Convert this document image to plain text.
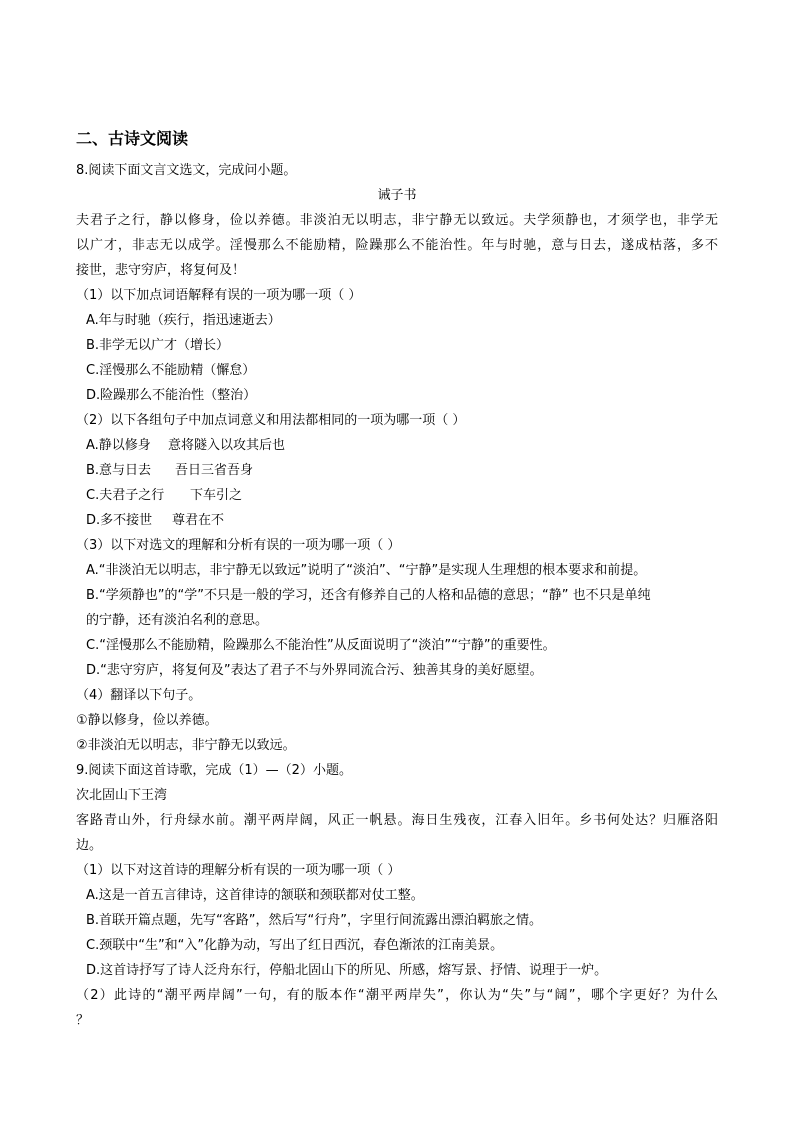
二、古诗文阅读
8.阅读下面文言文选文，完成问小题。
诫子书
夫君子之行，静以修身，俭以养德。非淡泊无以明志，非宁静无以致远。夫学须静也，才须学也，非学无
以广才，非志无以成学。淫慢那么不能励精，险躁那么不能治性。年与时驰，意与日去，遂成枯落，多不
接世，悲守穷庐，将复何及！
（1）以下加点词语解释有误的一项为哪一项（ ）
A.年与时驰（疾行，指迅速逝去）
B.非学无以广才（增长）
C.淫慢那么不能励精（懈怠）
D.险躁那么不能治性（整治）
（2）以下各组句子中加点词意义和用法都相同的一项为哪一项（ ）
A.静以修身 意将隧入以攻其后也
B.意与日去 吾日三省吾身
C.夫君子之行 下车引之
D.多不接世 尊君在不
（3）以下对选文的理解和分析有误的一项为哪一项（ ）
A.“非淡泊无以明志，非宁静无以致远”说明了“淡泊”、“宁静”是实现人生理想的根本要求和前提。
B.“学须静也”的“学”不只是一般的学习，还含有修养自己的人格和品德的意思；“静” 也不只是单纯
的宁静，还有淡泊名利的意思。
C.“淫慢那么不能励精，险躁那么不能治性”从反面说明了“淡泊”“宁静”的重要性。
D.“悲守穷庐，将复何及”表达了君子不与外界同流合污、独善其身的美好愿望。
（4）翻译以下句子。
①静以修身，俭以养德。
②非淡泊无以明志，非宁静无以致远。
9.阅读下面这首诗歌，完成（1）—（2）小题。
次北固山下王湾
客路青山外，行舟绿水前。潮平两岸阔，风正一帆悬。海日生残夜，江春入旧年。乡书何处达？归雁洛阳
边。
（1）以下对这首诗的理解分析有误的一项为哪一项（ ）
A.这是一首五言律诗，这首律诗的颔联和颈联都对仗工整。
B.首联开篇点题，先写“客路”，然后写“行舟”，字里行间流露出漂泊羁旅之情。
C.颈联中“生”和“入”化静为动，写出了红日西沉，春色渐浓的江南美景。
D.这首诗抒写了诗人泛舟东行，停船北固山下的所见、所感，熔写景、抒情、说理于一炉。
（2）此诗的“潮平两岸阔”一句，有的版本作“潮平两岸失”，你认为“失”与“阔”，哪个字更好？为什么
？
